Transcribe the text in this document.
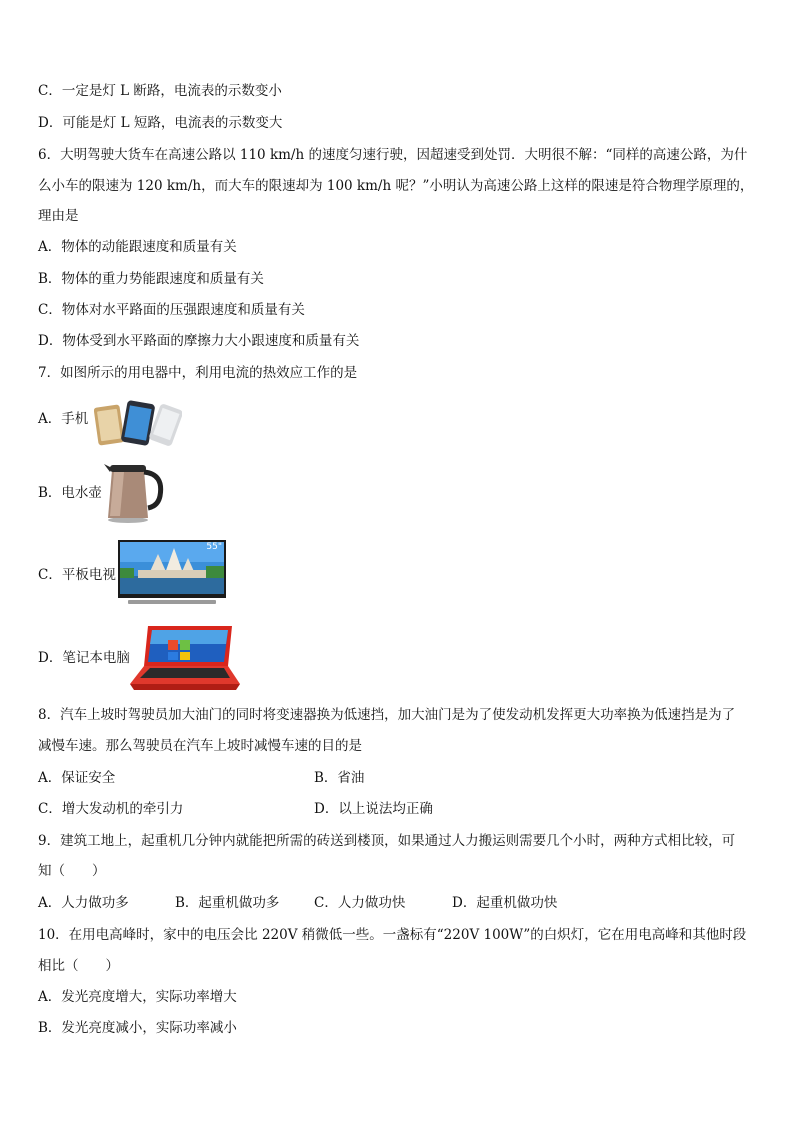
C．一定是灯 L 断路，电流表的示数变小
D．可能是灯 L 短路，电流表的示数变大
6．大明驾驶大货车在高速公路以 110 km/h 的速度匀速行驶，因超速受到处罚．大明很不解：“同样的高速公路，为什
么小车的限速为 120 km/h，而大车的限速却为 100 km/h 呢？”小明认为高速公路上这样的限速是符合物理学原理的，
理由是
A．物体的动能跟速度和质量有关
B．物体的重力势能跟速度和质量有关
C．物体对水平路面的压强跟速度和质量有关
D．物体受到水平路面的摩擦力大小跟速度和质量有关
7．如图所示的用电器中，利用电流的热效应工作的是
A．手机
B．电水壶
C．平板电视
55"
D．笔记本电脑
8．汽车上坡时驾驶员加大油门的同时将变速器换为低速挡，加大油门是为了使发动机发挥更大功率换为低速挡是为了
减慢车速。那么驾驶员在汽车上坡时减慢车速的目的是
A．保证安全	B．省油
C．增大发动机的牵引力	D．以上说法均正确
9．建筑工地上，起重机几分钟内就能把所需的砖送到楼顶，如果通过人力搬运则需要几个小时，两种方式相比较，可
知（　　）
A．人力做功多	B．起重机做功多	C．人力做功快	D．起重机做功快
10．在用电高峰时，家中的电压会比 220V 稍微低一些。一盏标有“220V 100W”的白炽灯，它在用电高峰和其他时段
相比（　　）
A．发光亮度增大，实际功率增大
B．发光亮度减小，实际功率减小
